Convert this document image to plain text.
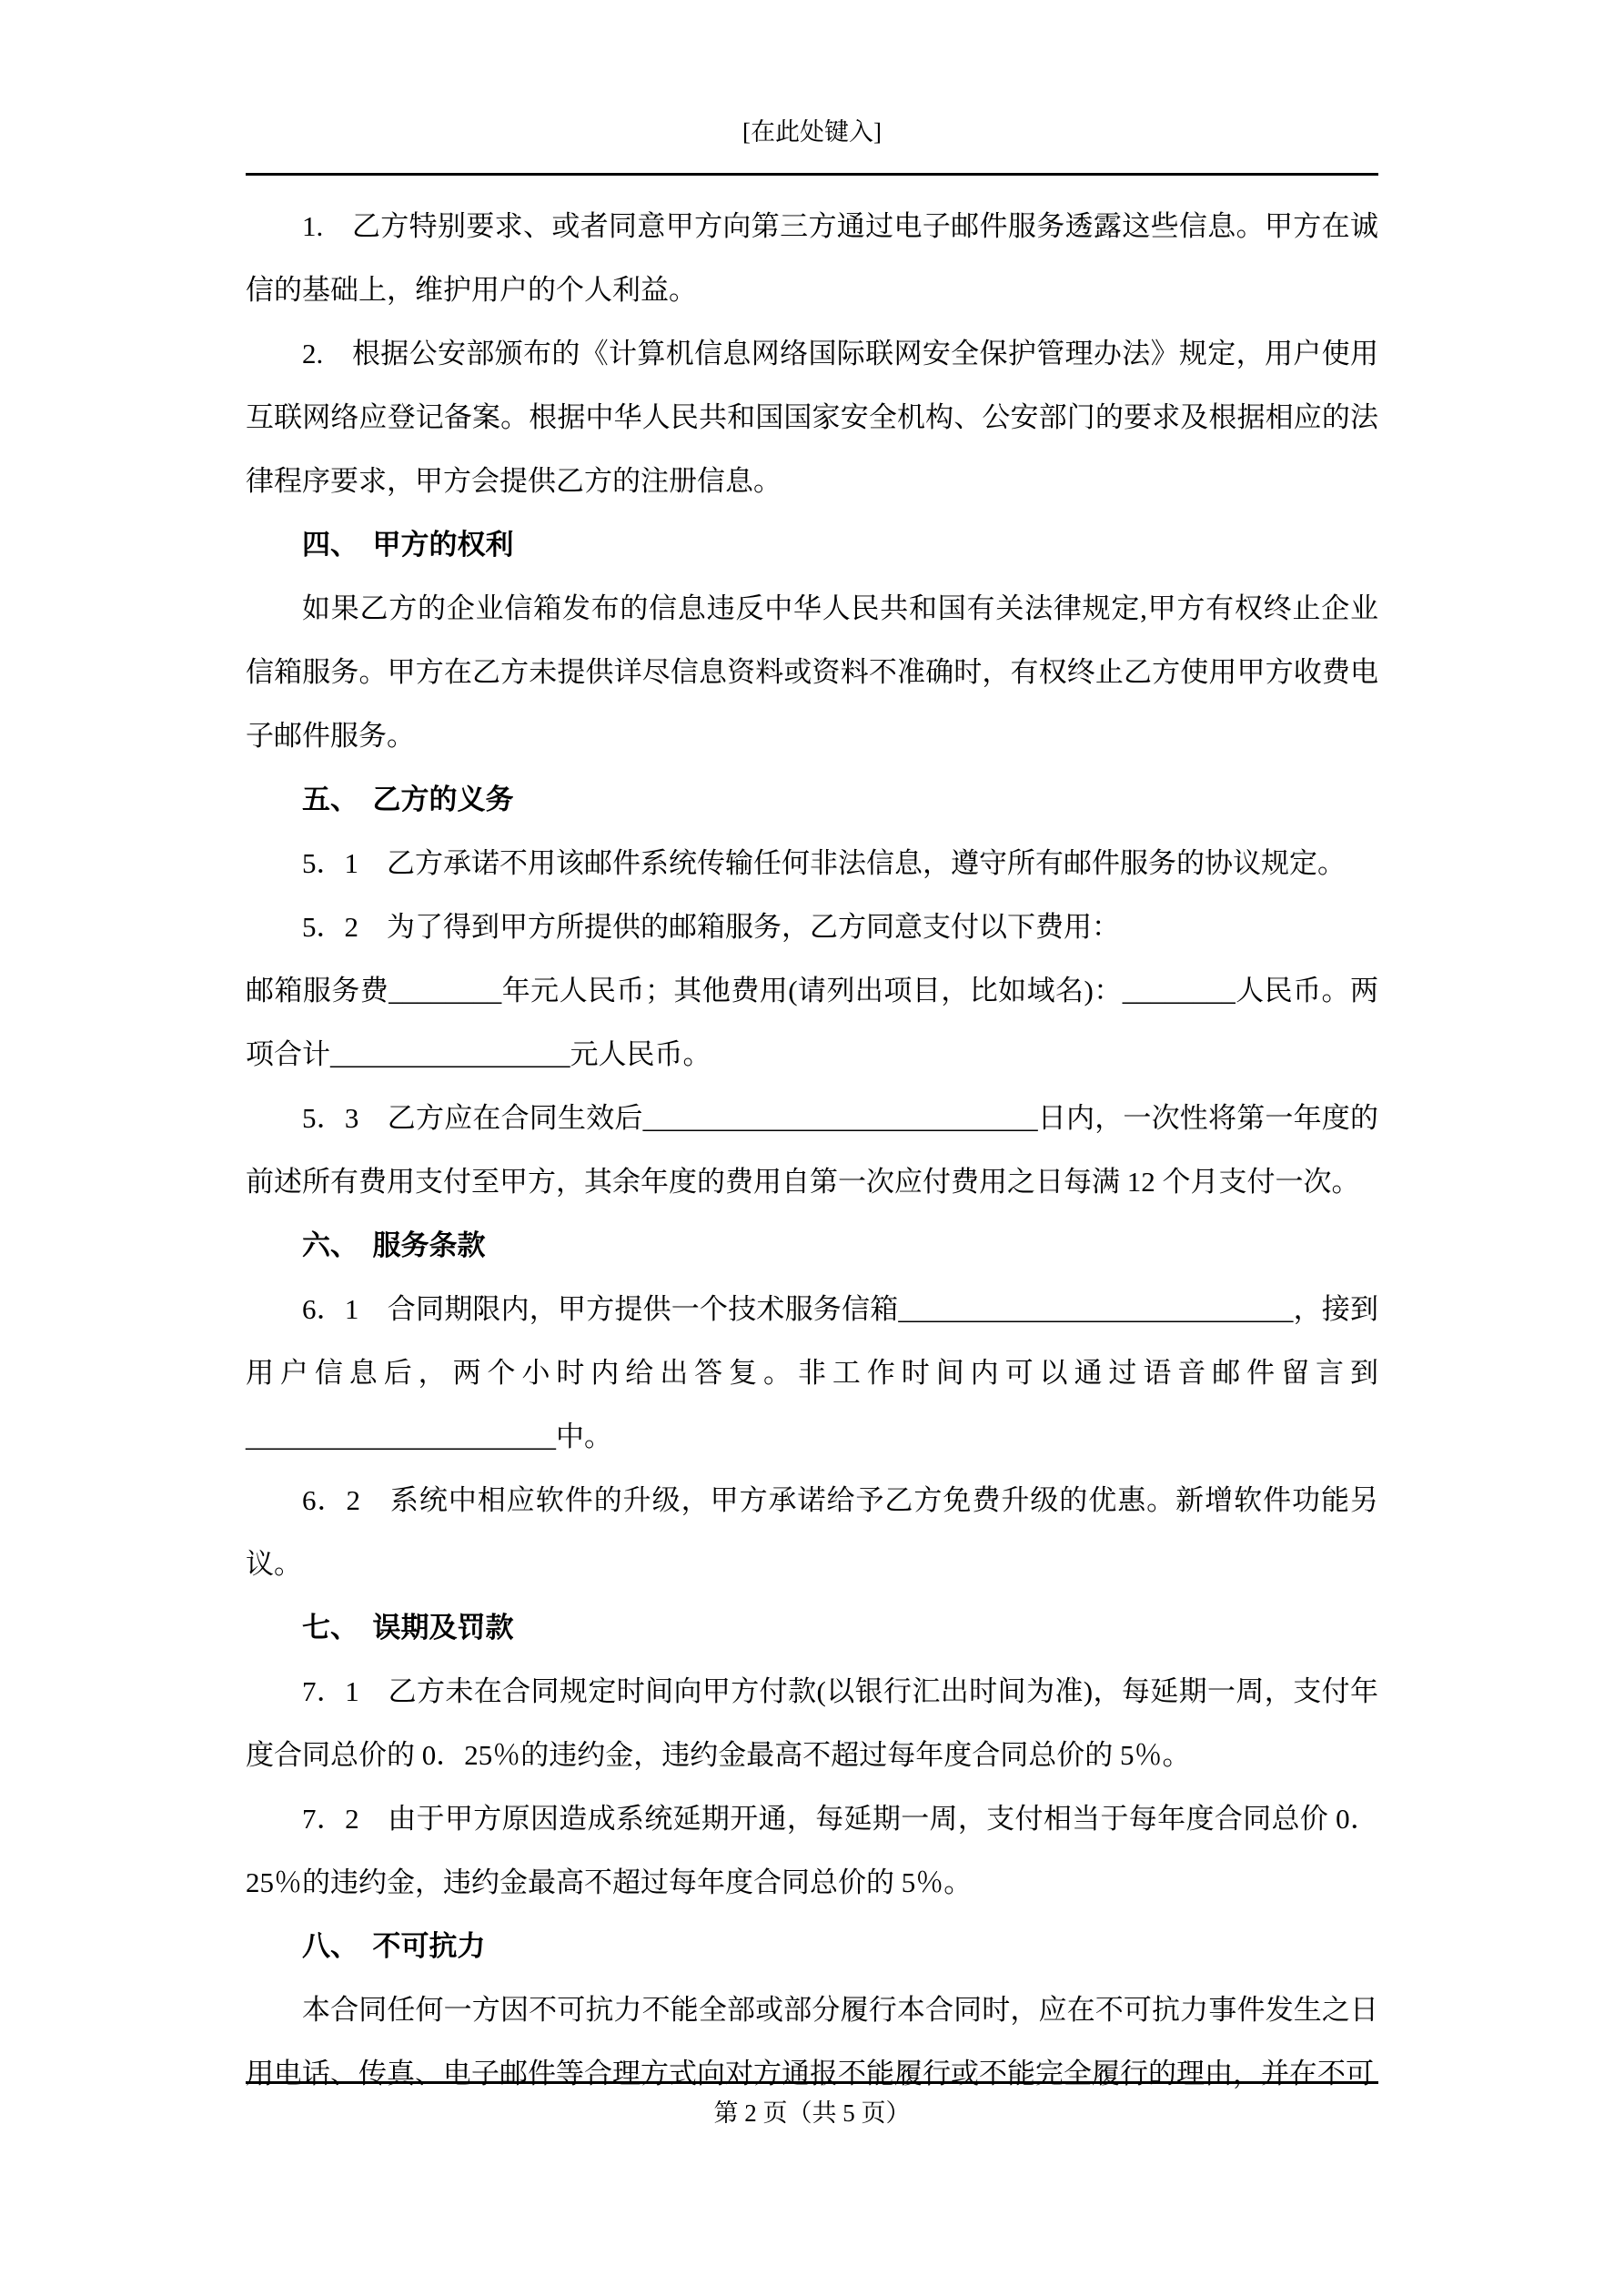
[在此处键入]
1.　乙方特别要求、或者同意甲方向第三方通过电子邮件服务透露这些信息。甲方在诚信的基础上，维护用户的个人利益。
2.　根据公安部颁布的《计算机信息网络国际联网安全保护管理办法》规定，用户使用互联网络应登记备案。根据中华人民共和国国家安全机构、公安部门的要求及根据相应的法律程序要求，甲方会提供乙方的注册信息。
四、　甲方的权利
如果乙方的企业信箱发布的信息违反中华人民共和国有关法律规定,甲方有权终止企业信箱服务。甲方在乙方未提供详尽信息资料或资料不准确时，有权终止乙方使用甲方收费电子邮件服务。
五、　乙方的义务
5．1　乙方承诺不用该邮件系统传输任何非法信息，遵守所有邮件服务的协议规定。
5．2　为了得到甲方所提供的邮箱服务，乙方同意支付以下费用：
邮箱服务费________年元人民币；其他费用(请列出项目，比如域名)：________人民币。两项合计_________________元人民币。
5．3　乙方应在合同生效后____________________________日内，一次性将第一年度的前述所有费用支付至甲方，其余年度的费用自第一次应付费用之日每满 12 个月支付一次。
六、　服务条款
6．1　合同期限内，甲方提供一个技术服务信箱____________________________，接到用户信息后，两个小时内给出答复。非工作时间内可以通过语音邮件留言到______________________中。
6．2　系统中相应软件的升级，甲方承诺给予乙方免费升级的优惠。新增软件功能另议。
七、　误期及罚款
7．1　乙方未在合同规定时间向甲方付款(以银行汇出时间为准)，每延期一周，支付年度合同总价的 0．25％的违约金，违约金最高不超过每年度合同总价的 5％。
7．2　由于甲方原因造成系统延期开通，每延期一周，支付相当于每年度合同总价 0．25％的违约金，违约金最高不超过每年度合同总价的 5％。
八、　不可抗力
本合同任何一方因不可抗力不能全部或部分履行本合同时，应在不可抗力事件发生之日用电话、传真、电子邮件等合理方式向对方通报不能履行或不能完全履行的理由，并在不可
第 2 页（共 5 页）
